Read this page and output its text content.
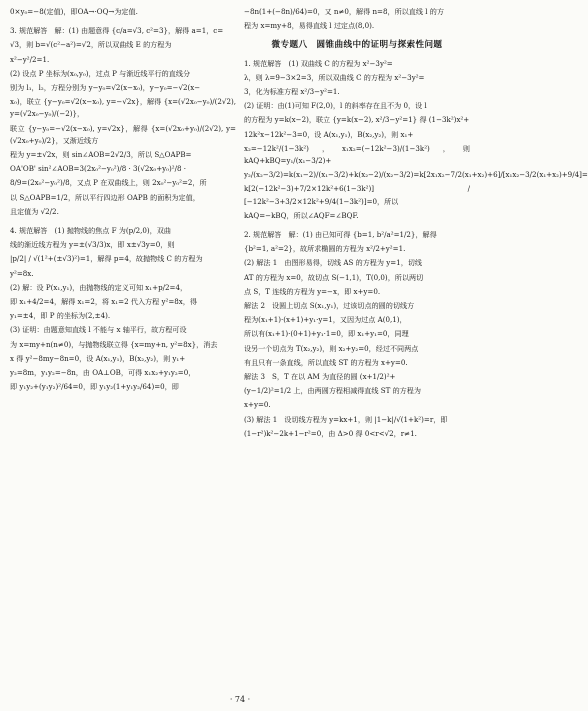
0×y₀=−8(定值)，即OA→·OQ→为定值.

3. 规范解答　解：(1) 由题意得 {c/a=√3, c²=3}，解得 a=1，c=

√3，则 b=√(c²−a²)=√2，所以双曲线 E 的方程为

x²−y²/2=1.

(2) 设点 P 坐标为(x₀,y₀)，过点 P 与渐近线平行的直线分

别为 l₁，l₂，方程分别为 y−y₀=√2(x−x₀)，y−y₀=−√2(x−

x₀)，联立 {y−y₀=√2(x−x₀), y=−√2x}，解得 {x=(√2x₀−y₀)/(2√2), y=(√2x₀−y₀)/(−2)}，

联立 {y−y₀=−√2(x−x₀), y=√2x}，解得 {x=(√2x₀+y₀)/(2√2), y=(√2x₀+y₀)/2}，又渐近线方

程为 y=±√2x，则 sin∠AOB=2√2/3，所以 S△OAPB=

OA'OB' sin²∠AOB=3(2x₀²−y₀²)/8 · 3(√2x₀+y₀)²/8 ·

8/9=(2x₀²−y₀²)/8，又点 P 在双曲线上，则 2x₀²−y₀²=2，所

以 S△OAPB=1/2，所以平行四边形 OAPB 的面积为定值，

且定值为 √2/2.

4. 规范解答　(1) 抛物线的焦点 F 为(p/2,0)，双曲

线的渐近线方程为 y=±(√3/3)x，即 x±√3y=0，则

|p/2| / √(1²+(±√3)²)=1，解得 p=4，故抛物线 C 的方程为

y²=8x.

(2) 解：设 P(x₁,y₁)，由抛物线的定义可知 x₁+p/2=4，

即 x₁+4/2=4，解得 x₁=2，将 x₁=2 代入方程 y²=8x，得

y₁=±4，即 P 的坐标为(2,±4).

(3) 证明：由题意知直线 l 不能与 x 轴平行，故方程可设

为 x=my+n(n≠0)，与抛物线联立得 {x=my+n, y²=8x}，消去

x 得 y²−8my−8n=0，设 A(x₁,y₁)，B(x₂,y₂)，则 y₁+

y₂=8m，y₁y₂=−8n，由 OA⊥OB，可得 x₁x₂+y₁y₂=0，

即 y₁y₂+(y₁y₂)²/64=0，即 y₁y₂(1+y₁y₂/64)=0，即

−8n(1+(−8n)/64)=0，又 n≠0，解得 n=8，所以直线 l 的方

程为 x=my+8，易得直线 l 过定点(8,0).

微专题八　圆锥曲线中的证明与探索性问题

1. 规范解答　(1) 双曲线 C 的方程为 x²−3y²=

λ，则 λ=9−3×2=3，所以双曲线 C 的方程为 x²−3y²=

3，化为标准方程 x²/3−y²=1.

(2) 证明：由(1)可知 F(2,0)，l 的斜率存在且不为 0，设 l

的方程为 y=k(x−2)，联立 {y=k(x−2), x²/3−y²=1} 得 (1−3k²)x²+

12k²x−12k²−3=0，设 A(x₁,y₁)，B(x₂,y₂)，则 x₁+

x₂=−12k²/(1−3k²)，x₁x₂=(−12k²−3)/(1−3k²)，则 kAQ+kBQ=y₁/(x₁−3/2)+

y₂/(x₂−3/2)=k(x₁−2)/(x₁−3/2)+k(x₂−2)/(x₂−3/2)=k[2x₁x₂−7/2(x₁+x₂)+6]/[x₁x₂−3/2(x₁+x₂)+9/4]=

k[2(−12k²−3)+7/2×12k²+6(1−3k²)] / [−12k²−3+3/2×12k²+9/4(1−3k²)]=0，所以

kAQ=−kBQ，所以∠AQF=∠BQF.

2. 规范解答　解：(1) 由已知可得 {b=1, b²/a²=1/2}，解得

{b²=1, a²=2}，故所求椭圆的方程为 x²/2+y²=1.

(2) 解法 1　由图形易得，切线 AS 的方程为 y=1，切线

AT 的方程为 x=0，故切点 S(−1,1)，T(0,0)，所以两切

点 S，T 连线的方程为 y=−x，即 x+y=0.

解法 2　设圆上切点 S(x₁,y₁)，过该切点的圆的切线方

程为(x₁+1)·(x+1)+y₁·y=1，又因为过点 A(0,1)，

所以有(x₁+1)·(0+1)+y₁·1=0，即 x₁+y₁=0，同理

设另一个切点为 T(x₂,y₂)，则 x₂+y₂=0，经过不同两点

有且只有一条直线，所以直线 ST 的方程为 x+y=0.

解法 3　S，T 在以 AM 为直径的圆 (x+1/2)²+

(y−1/2)²=1/2 上，由两圆方程相减得直线 ST 的方程为

x+y=0.

(3) 解法 1　设切线方程为 y=kx+1，则 |1−k|/√(1+k²)=r，即

(1−r²)k²−2k+1−r²=0，由 Δ>0 得 0<r<√2，r≠1.

· 74 ·
